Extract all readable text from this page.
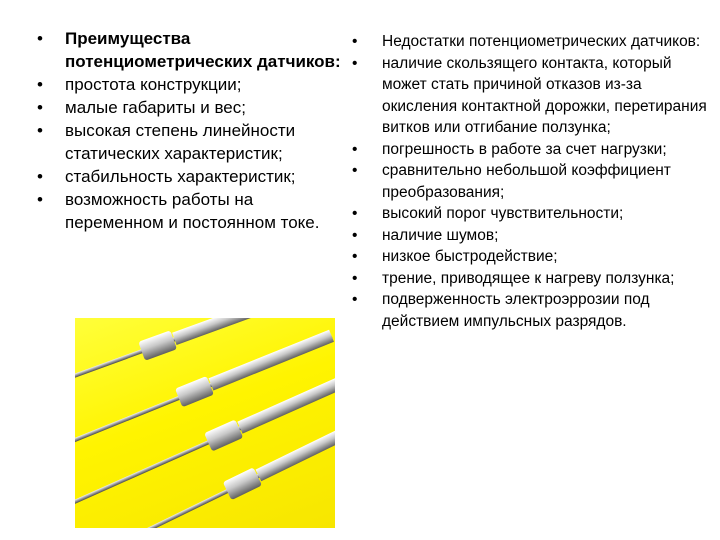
• Преимущества потенциометрических датчиков:
• простота конструкции;
• малые габариты и вес;
• высокая степень линейности статических характеристик;
• стабильность характеристик;
• возможность работы на переменном и постоянном токе.
• Недостатки потенциометрических датчиков:
• наличие скользящего контакта, который может стать причиной отказов из-за окисления контактной дорожки, перетирания витков или отгибание ползунка;
• погрешность в работе за счет нагрузки;
• сравнительно небольшой коэффициент преобразования;
• высокий порог чувствительности;
• наличие шумов;
• низкое быстродействие;
• трение, приводящее к нагреву ползунка;
• подверженность электроэррозии под действием импульсных разрядов.
